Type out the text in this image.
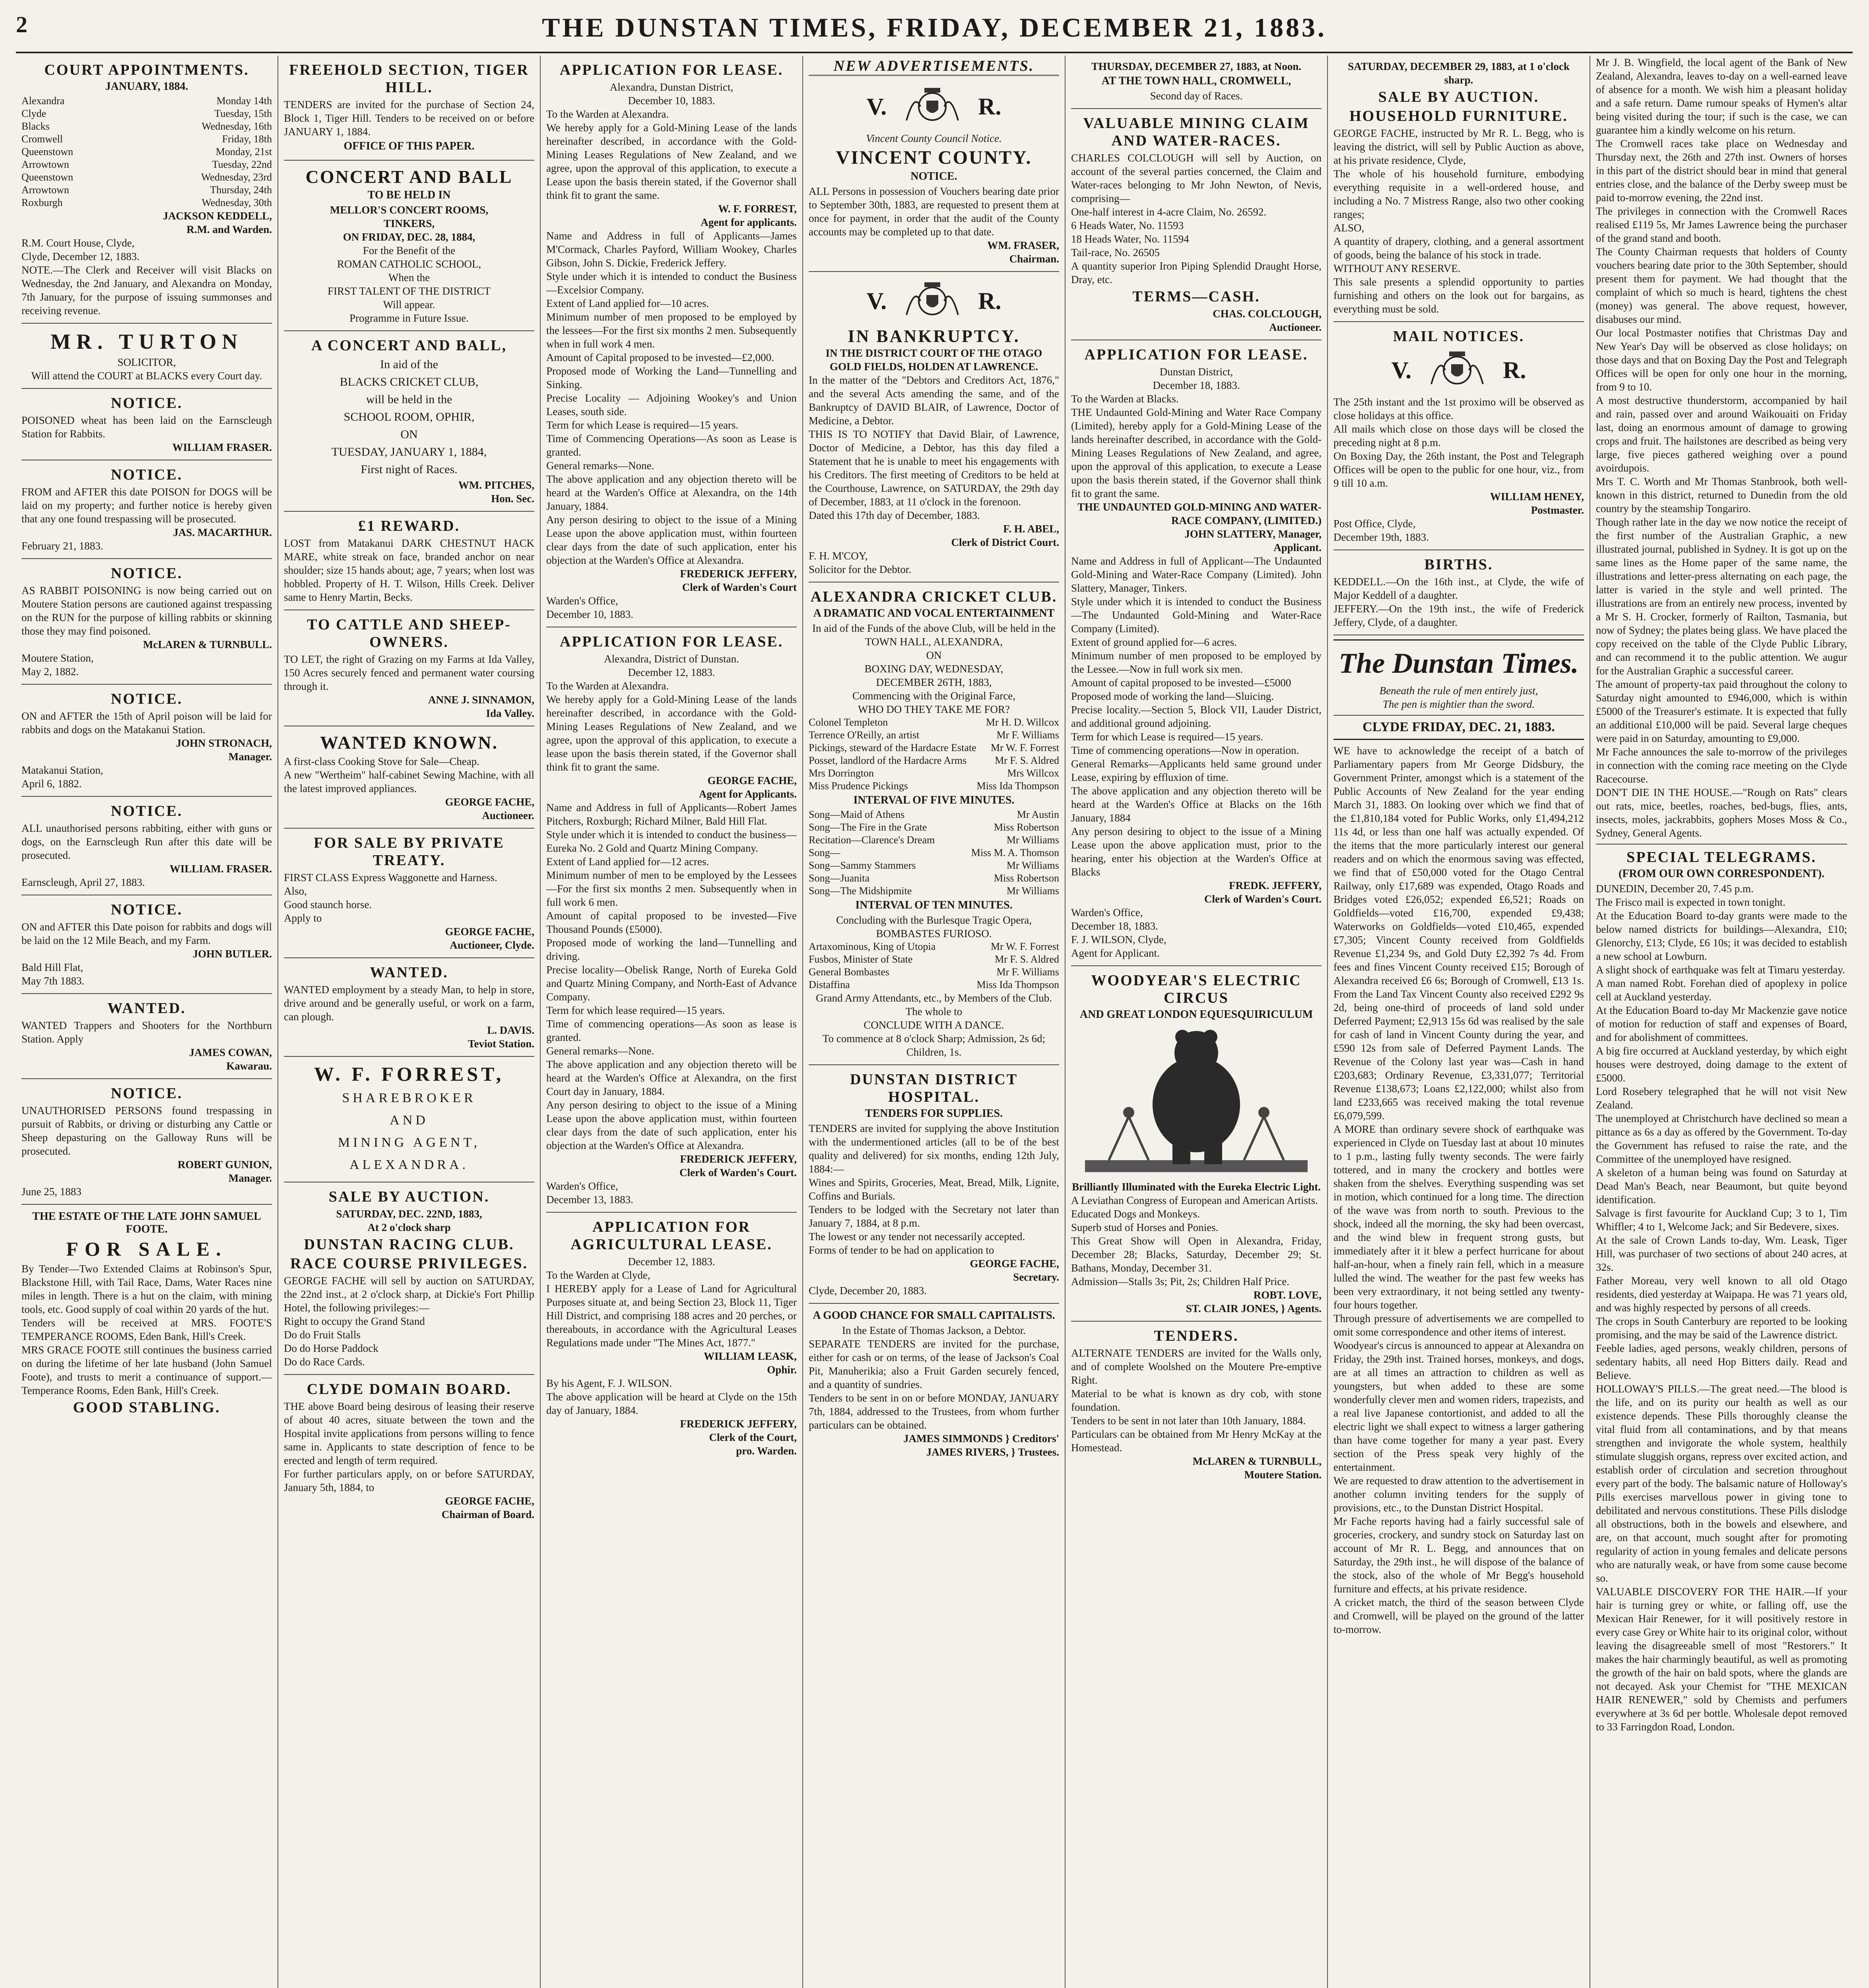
2	THE DUNSTAN TIMES, FRIDAY, DECEMBER 21, 1883.
COURT APPOINTMENTS.
JANUARY, 1884.
Alexandra	Monday 14th
Clyde	Tuesday, 15th
Blacks	Wednesday, 16th
Cromwell	Friday, 18th
Queenstown	Monday, 21st
Arrowtown	Tuesday, 22nd
Queenstown	Wednesday, 23rd
Arrowtown	Thursday, 24th
Roxburgh	Wednesday, 30th
JACKSON KEDDELL,
R.M. and Warden.

R.M. Court House, Clyde,
Clyde, December 12, 1883.

NOTE.—The Clerk and Receiver will visit Blacks on Wednesday, the 2nd January, and Alexandra on Monday, 7th January, for the purpose of issuing summonses and receiving revenue.

MR. TURTON

SOLICITOR,
Will attend the COURT at BLACKS every Court day.

NOTICE.

POISONED wheat has been laid on the Earnscleugh Station for Rabbits.

WILLIAM FRASER.
NOTICE.

FROM and AFTER this date POISON for DOGS will be laid on my property; and further notice is hereby given that any one found trespassing will be prosecuted.

JAS. MACARTHUR.

February 21, 1883.

NOTICE.

AS RABBIT POISONING is now being carried out on Moutere Station persons are cautioned against trespassing on the RUN for the purpose of killing rabbits or skinning those they may find poisoned.

McLAREN & TURNBULL.

Moutere Station,
May 2, 1882.

NOTICE.

ON and AFTER the 15th of April poison will be laid for rabbits and dogs on the Matakanui Station.

JOHN STRONACH,
Manager.

Matakanui Station,
April 6, 1882.

NOTICE.

ALL unauthorised persons rabbiting, either with guns or dogs, on the Earnscleugh Run after this date will be prosecuted.

WILLIAM. FRASER.

Earnscleugh, April 27, 1883.

NOTICE.

ON and AFTER this Date poison for rabbits and dogs will be laid on the 12 Mile Beach, and my Farm.

JOHN BUTLER.

Bald Hill Flat,
May 7th 1883.

WANTED.

WANTED Trappers and Shooters for the Northburn Station. Apply

JAMES COWAN,
Kawarau.
NOTICE.

UNAUTHORISED PERSONS found trespassing in pursuit of Rabbits, or driving or disturbing any Cattle or Sheep depasturing on the Galloway Runs will be prosecuted.

ROBERT GUNION,
Manager.

June 25, 1883

THE ESTATE OF THE LATE JOHN SAMUEL FOOTE.
FOR SALE.

By Tender—Two Extended Claims at Robinson's Spur, Blackstone Hill, with Tail Race, Dams, Water Races nine miles in length. There is a hut on the claim, with mining tools, etc. Good supply of coal within 20 yards of the hut.
Tenders will be received at MRS. FOOTE'S TEMPERANCE ROOMS, Eden Bank, Hill's Creek.
MRS GRACE FOOTE still continues the business carried on during the lifetime of her late husband (John Samuel Foote), and trusts to merit a continuance of support.—Temperance Rooms, Eden Bank, Hill's Creek.

GOOD STABLING.
FREEHOLD SECTION, TIGER HILL.

TENDERS are invited for the purchase of Section 24, Block 1, Tiger Hill. Tenders to be received on or before JANUARY 1, 1884.

OFFICE OF THIS PAPER.
CONCERT AND BALL
TO BE HELD IN

MELLOR'S CONCERT ROOMS,
TINKERS,

ON FRIDAY, DEC. 28, 1884,

For the Benefit of the
ROMAN CATHOLIC SCHOOL,
When the
FIRST TALENT OF THE DISTRICT
Will appear.

Programme in Future Issue.

A CONCERT AND BALL,

In aid of the
BLACKS CRICKET CLUB,
will be held in the
SCHOOL ROOM, OPHIR,
ON
TUESDAY, JANUARY 1, 1884,
First night of Races.

WM. PITCHES,
Hon. Sec.
£1 REWARD.

LOST from Matakanui DARK CHESTNUT HACK MARE, white streak on face, branded anchor on near shoulder; size 15 hands about; age, 7 years; when lost was hobbled. Property of H. T. Wilson, Hills Creek. Deliver same to Henry Martin, Becks.

TO CATTLE AND SHEEP-OWNERS.

TO LET, the right of Grazing on my Farms at Ida Valley, 150 Acres securely fenced and permanent water coursing through it.

ANNE J. SINNAMON,
Ida Valley.
WANTED KNOWN.

A first-class Cooking Stove for Sale—Cheap.
A new "Wertheim" half-cabinet Sewing Machine, with all the latest improved appliances.

GEORGE FACHE,
Auctioneer.
FOR SALE BY PRIVATE TREATY.

FIRST CLASS Express Waggonette and Harness.
Also,
Good staunch horse.
Apply to

GEORGE FACHE,
Auctioneer, Clyde.
WANTED.

WANTED employment by a steady Man, to help in store, drive around and be generally useful, or work on a farm, can plough.

L. DAVIS.
Teviot Station.
W. F. FORREST,

SHAREBROKER
AND
MINING AGENT,
ALEXANDRA.

SALE BY AUCTION.

SATURDAY, DEC. 22ND, 1883,
At 2 o'clock sharp

DUNSTAN RACING CLUB.
RACE COURSE PRIVILEGES.

GEORGE FACHE will sell by auction on SATURDAY, the 22nd inst., at 2 o'clock sharp, at Dickie's Fort Phillip Hotel, the following privileges:—
Right to occupy the Grand Stand
Do do Fruit Stalls
Do do Horse Paddock
Do do Race Cards.

CLYDE DOMAIN BOARD.

THE above Board being desirous of leasing their reserve of about 40 acres, situate between the town and the Hospital invite applications from persons willing to fence same in. Applicants to state description of fence to be erected and length of term required.
For further particulars apply, on or before SATURDAY, January 5th, 1884, to

GEORGE FACHE,
Chairman of Board.
APPLICATION FOR LEASE.

Alexandra, Dunstan District,
December 10, 1883.

To the Warden at Alexandra.
We hereby apply for a Gold-Mining Lease of the lands hereinafter described, in accordance with the Gold-Mining Leases Regulations of New Zealand, and we agree, upon the approval of this application, to execute a Lease upon the basis therein stated, if the Governor shall think fit to grant the same.

W. F. FORREST,
Agent for applicants.

Name and Address in full of Applicants—James M'Cormack, Charles Payford, William Wookey, Charles Gibson, John S. Dickie, Frederick Jeffery.
Style under which it is intended to conduct the Business—Excelsior Company.
Extent of Land applied for—10 acres.
Minimum number of men proposed to be employed by the lessees—For the first six months 2 men. Subsequently when in full work 4 men.
Amount of Capital proposed to be invested—£2,000.
Proposed mode of Working the Land—Tunnelling and Sinking.
Precise Locality — Adjoining Wookey's and Union Leases, south side.
Term for which Lease is required—15 years.
Time of Commencing Operations—As soon as Lease is granted.
General remarks—None.
The above application and any objection thereto will be heard at the Warden's Office at Alexandra, on the 14th January, 1884.
Any person desiring to object to the issue of a Mining Lease upon the above application must, within fourteen clear days from the date of such application, enter his objection at the Warden's Office at Alexandra.

FREDERICK JEFFERY,
Clerk of Warden's Court

Warden's Office,
December 10, 1883.

APPLICATION FOR LEASE.

Alexandra, District of Dunstan.
December 12, 1883.

To the Warden at Alexandra.
We hereby apply for a Gold-Mining Lease of the lands hereinafter described, in accordance with the Gold-Mining Leases Regulations of New Zealand, and we agree, upon the approval of this application, to execute a lease upon the basis therein stated, if the Governor shall think fit to grant the same.

GEORGE FACHE,
Agent for Applicants.

Name and Address in full of Applicants—Robert James Pitchers, Roxburgh; Richard Milner, Bald Hill Flat.
Style under which it is intended to conduct the business—Eureka No. 2 Gold and Quartz Mining Company.
Extent of Land applied for—12 acres.
Minimum number of men to be employed by the Lessees—For the first six months 2 men. Subsequently when in full work 6 men.
Amount of capital proposed to be invested—Five Thousand Pounds (£5000).
Proposed mode of working the land—Tunnelling and driving.
Precise locality—Obelisk Range, North of Eureka Gold and Quartz Mining Company, and North-East of Advance Company.
Term for which lease required—15 years.
Time of commencing operations—As soon as lease is granted.
General remarks—None.
The above application and any objection thereto will be heard at the Warden's Office at Alexandra, on the first Court day in January, 1884.
Any person desiring to object to the issue of a Mining Lease upon the above application must, within fourteen clear days from the date of such application, enter his objection at the Warden's Office at Alexandra.

FREDERICK JEFFERY,
Clerk of Warden's Court.

Warden's Office,
December 13, 1883.

APPLICATION FOR AGRICULTURAL LEASE.

December 12, 1883.

To the Warden at Clyde,
I HEREBY apply for a Lease of Land for Agricultural Purposes situate at, and being Section 23, Block 11, Tiger Hill District, and comprising 188 acres and 20 perches, or thereabouts, in accordance with the Agricultural Leases Regulations made under "The Mines Act, 1877."

WILLIAM LEASK,
Ophir.

By his Agent, F. J. WILSON.

The above application will be heard at Clyde on the 15th day of January, 1884.

FREDERICK JEFFERY,
Clerk of the Court,
pro. Warden.
NEW ADVERTISEMENTS.
V.	R.

Vincent County Council Notice.

VINCENT COUNTY.
NOTICE.

ALL Persons in possession of Vouchers bearing date prior to September 30th, 1883, are requested to present them at once for payment, in order that the audit of the County accounts may be completed up to that date.

WM. FRASER,
Chairman.
V.	R.
IN BANKRUPTCY.

IN THE DISTRICT COURT OF THE OTAGO GOLD FIELDS, HOLDEN AT LAWRENCE.

In the matter of the "Debtors and Creditors Act, 1876," and the several Acts amending the same, and of the Bankruptcy of DAVID BLAIR, of Lawrence, Doctor of Medicine, a Debtor.

THIS IS TO NOTIFY that David Blair, of Lawrence, Doctor of Medicine, a Debtor, has this day filed a Statement that he is unable to meet his engagements with his Creditors. The first meeting of Creditors to be held at the Courthouse, Lawrence, on SATURDAY, the 29th day of December, 1883, at 11 o'clock in the forenoon.
Dated this 17th day of December, 1883.

F. H. ABEL,
Clerk of District Court.

F. H. M'COY,
Solicitor for the Debtor.

ALEXANDRA CRICKET CLUB.
A DRAMATIC AND VOCAL ENTERTAINMENT

In aid of the Funds of the above Club, will be held in the
TOWN HALL, ALEXANDRA,
ON
BOXING DAY, WEDNESDAY,
DECEMBER 26TH, 1883,
Commencing with the Original Farce,
WHO DO THEY TAKE ME FOR?

Colonel Templeton	Mr H. D. Willcox
Terrence O'Reilly, an artist	Mr F. Williams
Pickings, steward of the Hardacre Estate Mr W. F. Forrest
Posset, landlord of the Hardacre Arms	Mr F. S. Aldred
Mrs Dorrington	Mrs Willcox
Miss Prudence Pickings	Miss Ida Thompson
INTERVAL OF FIVE MINUTES.
Song—Maid of Athens	Mr Austin
Song—The Fire in the Grate	Miss Robertson
Recitation—Clarence's Dream	Mr Williams
Song—	Miss M. A. Thomson
Song—Sammy Stammers	Mr Williams
Song—Juanita	Miss Robertson
Song—The Midshipmite	Mr Williams
INTERVAL OF TEN MINUTES.

Concluding with the Burlesque Tragic Opera,
BOMBASTES FURIOSO.

Artaxominous, King of Utopia	Mr W. F. Forrest
Fusbos, Minister of State	Mr F. S. Aldred
General Bombastes	Mr F. Williams
Distaffina	Miss Ida Thompson

Grand Army Attendants, etc., by Members of the Club.
The whole to
CONCLUDE WITH A DANCE.
To commence at 8 o'clock Sharp; Admission, 2s 6d; Children, 1s.

DUNSTAN DISTRICT HOSPITAL.
TENDERS FOR SUPPLIES.

TENDERS are invited for supplying the above Institution with the undermentioned articles (all to be of the best quality and delivered) for six months, ending 12th July, 1884:—
Wines and Spirits, Groceries, Meat, Bread, Milk, Lignite, Coffins and Burials.
Tenders to be lodged with the Secretary not later than January 7, 1884, at 8 p.m.
The lowest or any tender not necessarily accepted.
Forms of tender to be had on application to

GEORGE FACHE,
Secretary.

Clyde, December 20, 1883.

A GOOD CHANCE FOR SMALL CAPITALISTS.

In the Estate of Thomas Jackson, a Debtor.

SEPARATE TENDERS are invited for the purchase, either for cash or on terms, of the lease of Jackson's Coal Pit, Manuherikia; also a Fruit Garden securely fenced, and a quantity of sundries.
Tenders to be sent in on or before MONDAY, JANUARY 7th, 1884, addressed to the Trustees, from whom further particulars can be obtained.

JAMES SIMMONDS } Creditors'
JAMES RIVERS, } Trustees.

THURSDAY, DECEMBER 27, 1883, at Noon.

AT THE TOWN HALL, CROMWELL,

Second day of Races.

VALUABLE MINING CLAIM AND WATER-RACES.

CHARLES COLCLOUGH will sell by Auction, on account of the several parties concerned, the Claim and Water-races belonging to Mr John Newton, of Nevis, comprising—
One-half interest in 4-acre Claim, No. 26592.
6 Heads Water, No. 11593
18 Heads Water, No. 11594
Tail-race, No. 26505
A quantity superior Iron Piping Splendid Draught Horse, Dray, etc.

TERMS—CASH.
CHAS. COLCLOUGH,
Auctioneer.
APPLICATION FOR LEASE.

Dunstan District,
December 18, 1883.

To the Warden at Blacks.
THE Undaunted Gold-Mining and Water Race Company (Limited), hereby apply for a Gold-Mining Lease of the lands hereinafter described, in accordance with the Gold-Mining Leases Regulations of New Zealand, and agree, upon the approval of this application, to execute a Lease upon the basis therein stated, if the Governor shall think fit to grant the same.

THE UNDAUNTED GOLD-MINING AND WATER-RACE COMPANY, (LIMITED.)
JOHN SLATTERY, Manager,
Applicant.

Name and Address in full of Applicant—The Undaunted Gold-Mining and Water-Race Company (Limited). John Slattery, Manager, Tinkers.
Style under which it is intended to conduct the Business—The Undaunted Gold-Mining and Water-Race Company (Limited).
Extent of ground applied for—6 acres.
Minimum number of men proposed to be employed by the Lessee.—Now in full work six men.
Amount of capital proposed to be invested—£5000
Proposed mode of working the land—Sluicing.
Precise locality.—Section 5, Block VII, Lauder District, and additional ground adjoining.
Term for which Lease is required—15 years.
Time of commencing operations—Now in operation.
General Remarks—Applicants held same ground under Lease, expiring by effluxion of time.
The above application and any objection thereto will be heard at the Warden's Office at Blacks on the 16th January, 1884
Any person desiring to object to the issue of a Mining Lease upon the above application must, prior to the hearing, enter his objection at the Warden's Office at Blacks

FREDK. JEFFERY,
Clerk of Warden's Court.

Warden's Office,
December 18, 1883.
F. J. WILSON, Clyde,
Agent for Applicant.

WOODYEAR'S ELECTRIC CIRCUS
AND GREAT LONDON EQUESQUIRICULUM

Brilliantly Illuminated with the Eureka Electric Light.

A Leviathan Congress of European and American Artists.
Educated Dogs and Monkeys.
Superb stud of Horses and Ponies.
This Great Show will Open in Alexandra, Friday, December 28; Blacks, Saturday, December 29; St. Bathans, Monday, December 31.
Admission—Stalls 3s; Pit, 2s; Children Half Price.

ROBT. LOVE,
ST. CLAIR JONES, } Agents.
TENDERS.

ALTERNATE TENDERS are invited for the Walls only, and of complete Woolshed on the Moutere Pre-emptive Right.
Material to be what is known as dry cob, with stone foundation.
Tenders to be sent in not later than 10th January, 1884.
Particulars can be obtained from Mr Henry McKay at the Homestead.

McLAREN & TURNBULL,
Moutere Station.

SATURDAY, DECEMBER 29, 1883, at 1 o'clock sharp.

SALE BY AUCTION.
HOUSEHOLD FURNITURE.

GEORGE FACHE, instructed by Mr R. L. Begg, who is leaving the district, will sell by Public Auction as above, at his private residence, Clyde,
The whole of his household furniture, embodying everything requisite in a well-ordered house, and including a No. 7 Mistress Range, also two other cooking ranges;
ALSO,
A quantity of drapery, clothing, and a general assortment of goods, being the balance of his stock in trade.
WITHOUT ANY RESERVE.
This sale presents a splendid opportunity to parties furnishing and others on the look out for bargains, as everything must be sold.

MAIL NOTICES.
V.	R.

The 25th instant and the 1st proximo will be observed as close holidays at this office.
All mails which close on those days will be closed the preceding night at 8 p.m.
On Boxing Day, the 26th instant, the Post and Telegraph Offices will be open to the public for one hour, viz., from 9 till 10 a.m.

WILLIAM HENEY,
Postmaster.

Post Office, Clyde,
December 19th, 1883.

BIRTHS.

KEDDELL.—On the 16th inst., at Clyde, the wife of Major Keddell of a daughter.
JEFFERY.—On the 19th inst., the wife of Frederick Jeffery, Clyde, of a daughter.

The Dunstan Times.

Beneath the rule of men entirely just,
The pen is mightier than the sword.

CLYDE FRIDAY, DEC. 21, 1883.

WE have to acknowledge the receipt of a batch of Parliamentary papers from Mr George Didsbury, the Government Printer, amongst which is a statement of the Public Accounts of New Zealand for the year ending March 31, 1883. On looking over which we find that of the £1,810,184 voted for Public Works, only £1,494,212 11s 4d, or less than one half was actually expended. Of the items that the more particularly interest our general readers and on which the enormous saving was effected, we find that of £50,000 voted for the Otago Central Railway, only £17,689 was expended, Otago Roads and Bridges voted £26,052; expended £6,521; Roads on Goldfields—voted £16,700, expended £9,438; Waterworks on Goldfields—voted £10,465, expended £7,305; Vincent County received from Goldfields Revenue £1,234 9s, and Gold Duty £2,392 7s 4d. From fees and fines Vincent County received £15; Borough of Alexandra received £6 6s; Borough of Cromwell, £13 1s. From the Land Tax Vincent County also received £292 9s 2d, being one-third of proceeds of land sold under Deferred Payment; £2,913 15s 6d was realised by the sale for cash of land in Vincent County during the year, and £590 12s from sale of Deferred Payment Lands. The Revenue of the Colony last year was—Cash in hand £203,683; Ordinary Revenue, £3,331,077; Territorial Revenue £138,673; Loans £2,122,000; whilst also from land £233,665 was received making the total revenue £6,079,599.
A MORE than ordinary severe shock of earthquake was experienced in Clyde on Tuesday last at about 10 minutes to 1 p.m., lasting fully twenty seconds. The were fairly tottered, and in many the crockery and bottles were shaken from the shelves. Everything suspending was set in motion, which continued for a long time. The direction of the wave was from north to south. Previous to the shock, indeed all the morning, the sky had been overcast, and the wind blew in frequent strong gusts, but immediately after it it blew a perfect hurricane for about half-an-hour, when a finely rain fell, which in a measure lulled the wind. The weather for the past few weeks has been very extraordinary, it not being settled any twenty-four hours together.
Through pressure of advertisements we are compelled to omit some correspondence and other items of interest.
Woodyear's circus is announced to appear at Alexandra on Friday, the 29th inst. Trained horses, monkeys, and dogs, are at all times an attraction to children as well as youngsters, but when added to these are some wonderfully clever men and women riders, trapezists, and a real live Japanese contortionist, and added to all the electric light we shall expect to witness a larger gathering than have come together for many a year past. Every section of the Press speak very highly of the entertainment.
We are requested to draw attention to the advertisement in another column inviting tenders for the supply of provisions, etc., to the Dunstan District Hospital.
Mr Fache reports having had a fairly successful sale of groceries, crockery, and sundry stock on Saturday last on account of Mr R. L. Begg, and announces that on Saturday, the 29th inst., he will dispose of the balance of the stock, also of the whole of Mr Begg's household furniture and effects, at his private residence.
A cricket match, the third of the season between Clyde and Cromwell, will be played on the ground of the latter to-morrow.

Mr J. B. Wingfield, the local agent of the Bank of New Zealand, Alexandra, leaves to-day on a well-earned leave of absence for a month. We wish him a pleasant holiday and a safe return. Dame rumour speaks of Hymen's altar being visited during the tour; if such is the case, we can guarantee him a kindly welcome on his return.
The Cromwell races take place on Wednesday and Thursday next, the 26th and 27th inst. Owners of horses in this part of the district should bear in mind that general entries close, and the balance of the Derby sweep must be paid to-morrow evening, the 22nd inst.
The privileges in connection with the Cromwell Races realised £119 5s, Mr James Lawrence being the purchaser of the grand stand and booth.
The County Chairman requests that holders of County vouchers bearing date prior to the 30th September, should present them for payment. We had thought that the complaint of which so much is heard, tightens the chest (money) was general. The above request, however, disabuses our mind.
Our local Postmaster notifies that Christmas Day and New Year's Day will be observed as close holidays; on those days and that on Boxing Day the Post and Telegraph Offices will be open for only one hour in the morning, from 9 to 10.
A most destructive thunderstorm, accompanied by hail and rain, passed over and around Waikouaiti on Friday last, doing an enormous amount of damage to growing crops and fruit. The hailstones are described as being very large, five pieces gathered weighing over a pound avoirdupois.
Mrs T. C. Worth and Mr Thomas Stanbrook, both well-known in this district, returned to Dunedin from the old country by the steamship Tongariro.
Though rather late in the day we now notice the receipt of the first number of the Australian Graphic, a new illustrated journal, published in Sydney. It is got up on the same lines as the Home paper of the same name, the illustrations and letter-press alternating on each page, the latter is varied in the style and well printed. The illustrations are from an entirely new process, invented by a Mr S. H. Crocker, formerly of Railton, Tasmania, but now of Sydney; the plates being glass. We have placed the copy received on the table of the Clyde Public Library, and can recommend it to the public attention. We augur for the Australian Graphic a successful career.
The amount of property-tax paid throughout the colony to Saturday night amounted to £946,000, which is within £5000 of the Treasurer's estimate. It is expected that fully an additional £10,000 will be paid. Several large cheques were paid in on Saturday, amounting to £9,000.
Mr Fache announces the sale to-morrow of the privileges in connection with the coming race meeting on the Clyde Racecourse.
DON'T DIE IN THE HOUSE.—"Rough on Rats" clears out rats, mice, beetles, roaches, bed-bugs, flies, ants, insects, moles, jackrabbits, gophers Moses Moss & Co., Sydney, General Agents.

SPECIAL TELEGRAMS.
(FROM OUR OWN CORRESPONDENT).

DUNEDIN, December 20, 7.45 p.m.
The Frisco mail is expected in town tonight.
At the Education Board to-day grants were made to the below named districts for buildings—Alexandra, £10; Glenorchy, £13; Clyde, £6 10s; it was decided to establish a new school at Lowburn.
A slight shock of earthquake was felt at Timaru yesterday.
A man named Robt. Forehan died of apoplexy in police cell at Auckland yesterday.
At the Education Board to-day Mr Mackenzie gave notice of motion for reduction of staff and expenses of Board, and for abolishment of committees.
A big fire occurred at Auckland yesterday, by which eight houses were destroyed, doing damage to the extent of £5000.
Lord Rosebery telegraphed that he will not visit New Zealand.
The unemployed at Christchurch have declined so mean a pittance as 6s a day as offered by the Government. To-day the Government has refused to raise the rate, and the Committee of the unemployed have resigned.
A skeleton of a human being was found on Saturday at Dead Man's Beach, near Beaumont, but quite beyond identification.
Salvage is first favourite for Auckland Cup; 3 to 1, Tim Whiffler; 4 to 1, Welcome Jack; and Sir Bedevere, sixes.
At the sale of Crown Lands to-day, Wm. Leask, Tiger Hill, was purchaser of two sections of about 240 acres, at 32s.
Father Moreau, very well known to all old Otago residents, died yesterday at Waipapa. He was 71 years old, and was highly respected by persons of all creeds.
The crops in South Canterbury are reported to be looking promising, and the may be said of the Lawrence district.
Feeble ladies, aged persons, weakly children, persons of sedentary habits, all need Hop Bitters daily. Read and Believe.
HOLLOWAY'S PILLS.—The great need.—The blood is the life, and on its purity our health as well as our existence depends. These Pills thoroughly cleanse the vital fluid from all contaminations, and by that means strengthen and invigorate the whole system, healthily stimulate sluggish organs, repress over excited action, and establish order of circulation and secretion throughout every part of the body. The balsamic nature of Holloway's Pills exercises marvellous power in giving tone to debilitated and nervous constitutions. These Pills dislodge all obstructions, both in the bowels and elsewhere, and are, on that account, much sought after for promoting regularity of action in young females and delicate persons who are naturally weak, or have from some cause become so.
VALUABLE DISCOVERY FOR THE HAIR.—If your hair is turning grey or white, or falling off, use the Mexican Hair Renewer, for it will positively restore in every case Grey or White hair to its original color, without leaving the disagreeable smell of most "Restorers." It makes the hair charmingly beautiful, as well as promoting the growth of the hair on bald spots, where the glands are not decayed. Ask your Chemist for "THE MEXICAN HAIR RENEWER," sold by Chemists and perfumers everywhere at 3s 6d per bottle. Wholesale depot removed to 33 Farringdon Road, London.
